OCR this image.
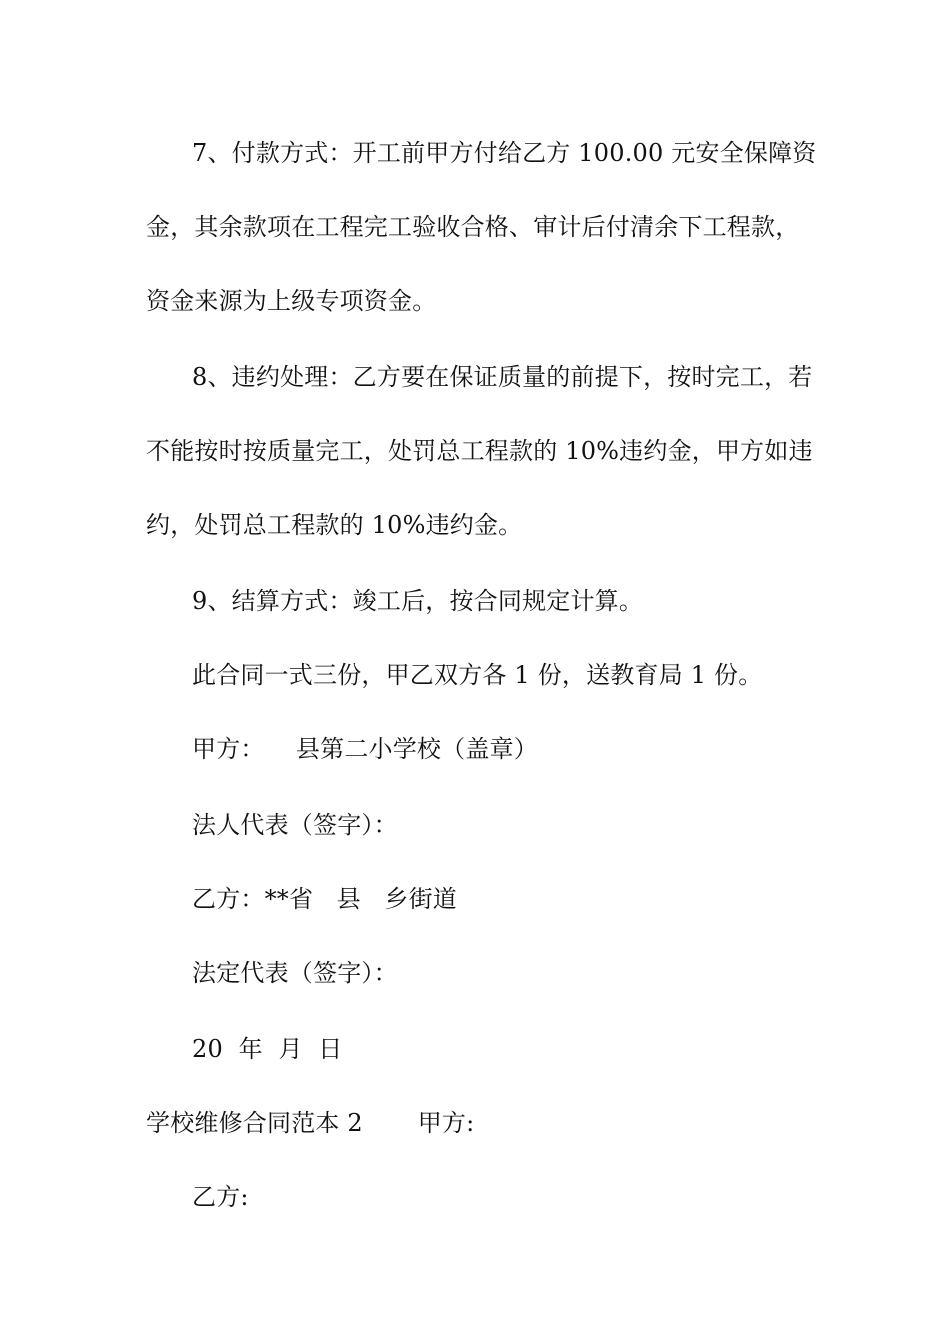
7、付款方式：开工前甲方付给乙方 100.00 元安全保障资
金，其余款项在工程完工验收合格、审计后付清余下工程款，
资金来源为上级专项资金。
8、违约处理：乙方要在保证质量的前提下，按时完工，若
不能按时按质量完工，处罚总工程款的 10%违约金，甲方如违
约，处罚总工程款的 10%违约金。
9、结算方式：竣工后，按合同规定计算。
此合同一式三份，甲乙双方各 1 份，送教育局 1 份。
甲方：    县第二小学校（盖章）
法人代表（签字）：
乙方：**省   县   乡街道
法定代表（签字）：
20  年  月  日
学校维修合同范本 2       甲方:
乙方:
